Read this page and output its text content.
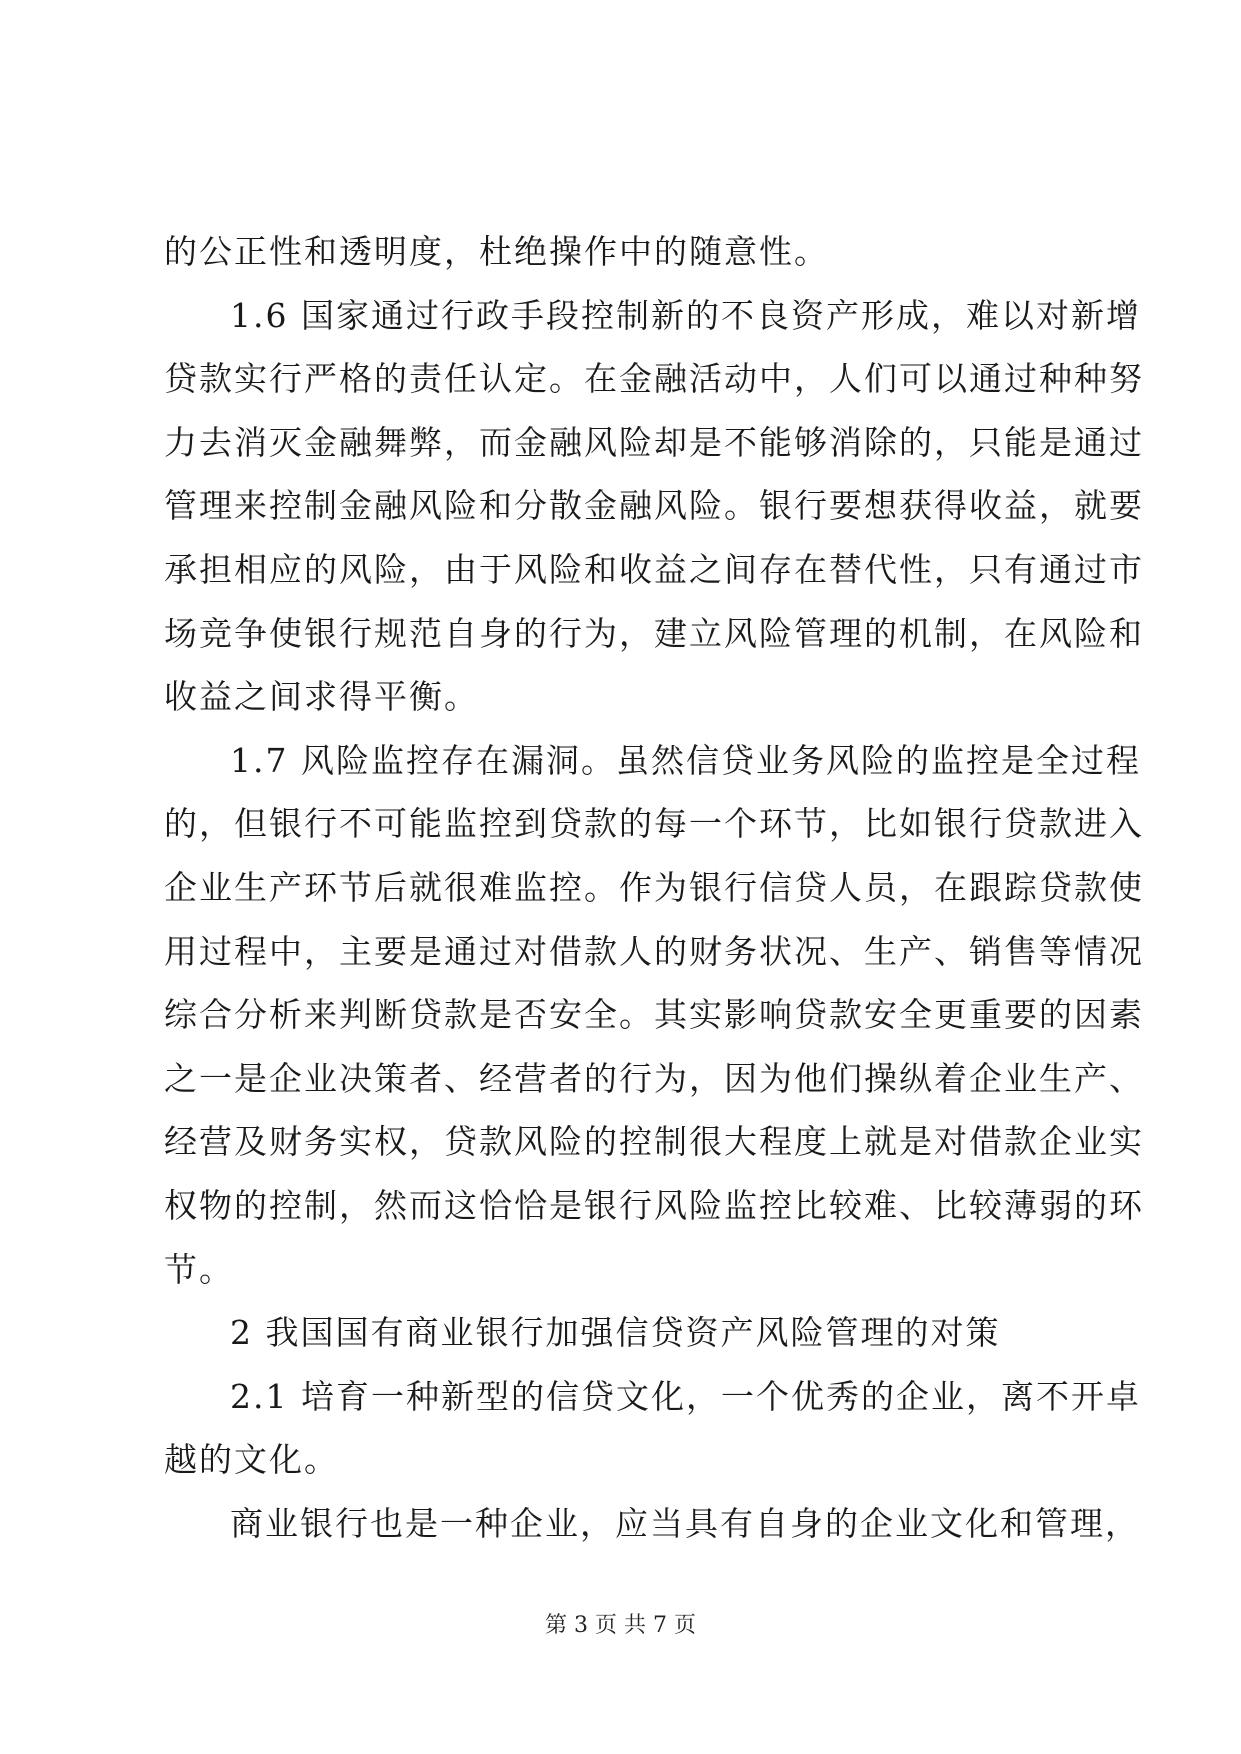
的公正性和透明度，杜绝操作中的随意性。
1.6 国家通过行政手段控制新的不良资产形成，难以对新增
贷款实行严格的责任认定。在金融活动中，人们可以通过种种努
力去消灭金融舞弊，而金融风险却是不能够消除的，只能是通过
管理来控制金融风险和分散金融风险。银行要想获得收益，就要
承担相应的风险，由于风险和收益之间存在替代性，只有通过市
场竞争使银行规范自身的行为，建立风险管理的机制，在风险和
收益之间求得平衡。
1.7 风险监控存在漏洞。虽然信贷业务风险的监控是全过程
的，但银行不可能监控到贷款的每一个环节，比如银行贷款进入
企业生产环节后就很难监控。作为银行信贷人员，在跟踪贷款使
用过程中，主要是通过对借款人的财务状况、生产、销售等情况
综合分析来判断贷款是否安全。其实影响贷款安全更重要的因素
之一是企业决策者、经营者的行为，因为他们操纵着企业生产、
经营及财务实权，贷款风险的控制很大程度上就是对借款企业实
权物的控制，然而这恰恰是银行风险监控比较难、比较薄弱的环
节。
2 我国国有商业银行加强信贷资产风险管理的对策
2.1 培育一种新型的信贷文化，一个优秀的企业，离不开卓
越的文化。
商业银行也是一种企业，应当具有自身的企业文化和管理，
第 3 页 共 7 页
